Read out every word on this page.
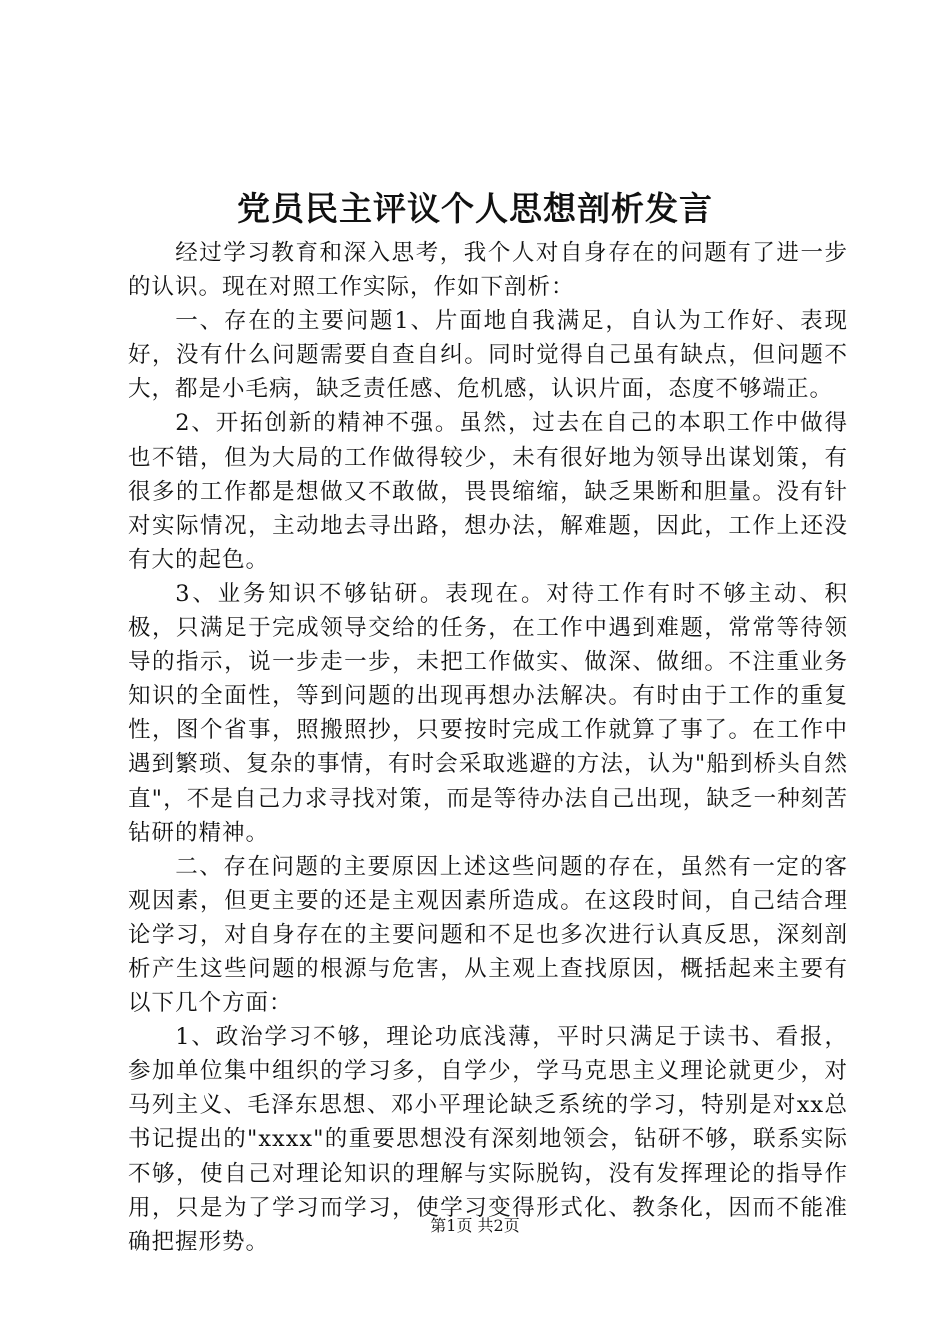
党员民主评议个人思想剖析发言

经过学习教育和深入思考，我个人对自身存在的问题有了进一步的认识。现在对照工作实际，作如下剖析：

一、存在的主要问题1、片面地自我满足，自认为工作好、表现好，没有什么问题需要自查自纠。同时觉得自己虽有缺点，但问题不大，都是小毛病，缺乏责任感、危机感，认识片面，态度不够端正。

2、开拓创新的精神不强。虽然，过去在自己的本职工作中做得也不错，但为大局的工作做得较少，未有很好地为领导出谋划策，有很多的工作都是想做又不敢做，畏畏缩缩，缺乏果断和胆量。没有针对实际情况，主动地去寻出路，想办法，解难题，因此，工作上还没有大的起色。

3、业务知识不够钻研。表现在。对待工作有时不够主动、积极，只满足于完成领导交给的任务，在工作中遇到难题，常常等待领导的指示，说一步走一步，未把工作做实、做深、做细。不注重业务知识的全面性，等到问题的出现再想办法解决。有时由于工作的重复性，图个省事，照搬照抄，只要按时完成工作就算了事了。在工作中遇到繁琐、复杂的事情，有时会采取逃避的方法，认为"船到桥头自然直"，不是自己力求寻找对策，而是等待办法自己出现，缺乏一种刻苦钻研的精神。

二、存在问题的主要原因上述这些问题的存在，虽然有一定的客观因素，但更主要的还是主观因素所造成。在这段时间，自己结合理论学习，对自身存在的主要问题和不足也多次进行认真反思，深刻剖析产生这些问题的根源与危害，从主观上查找原因，概括起来主要有以下几个方面：

1、政治学习不够，理论功底浅薄，平时只满足于读书、看报，参加单位集中组织的学习多，自学少，学马克思主义理论就更少，对马列主义、毛泽东思想、邓小平理论缺乏系统的学习，特别是对xx总书记提出的"xxxx"的重要思想没有深刻地领会，钻研不够，联系实际不够，使自己对理论知识的理解与实际脱钩，没有发挥理论的指导作用，只是为了学习而学习，使学习变得形式化、教条化，因而不能准确把握形势。

第1页 共2页
